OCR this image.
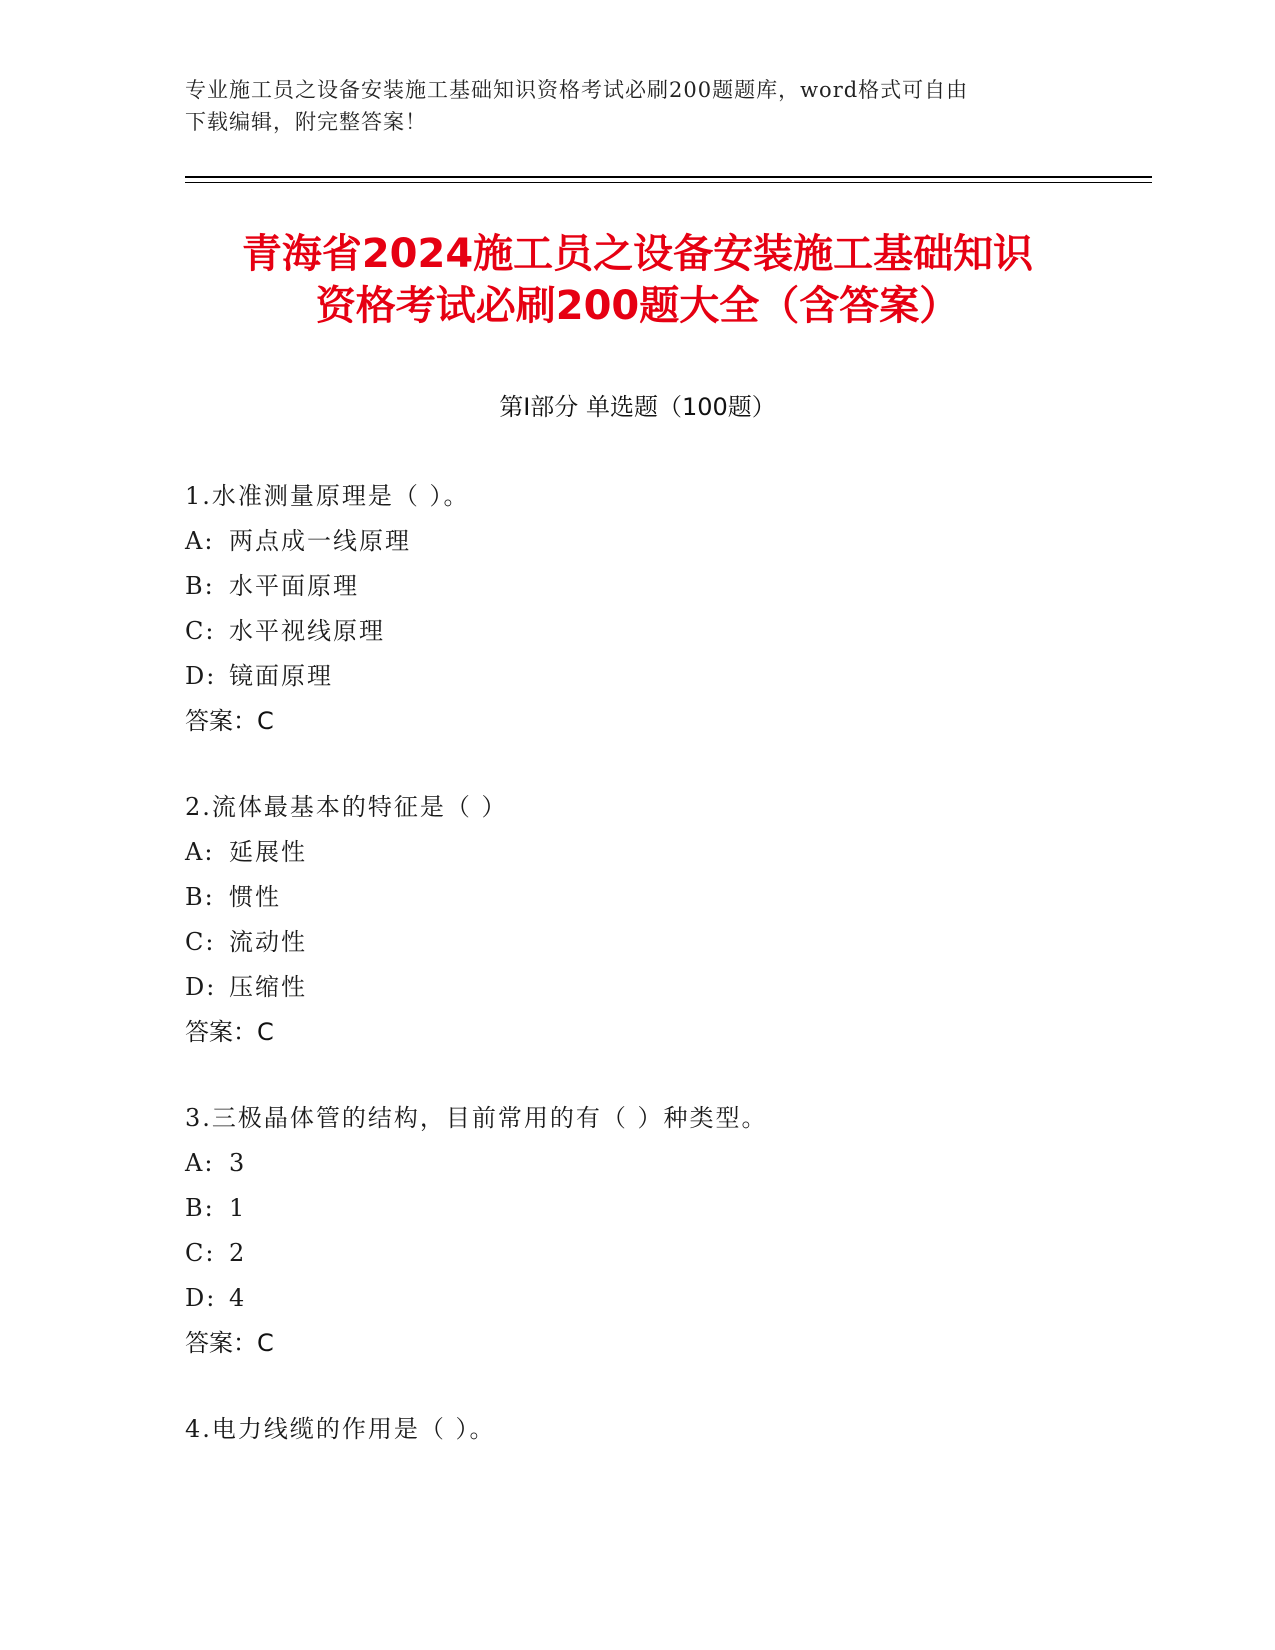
专业施工员之设备安装施工基础知识资格考试必刷200题题库，word格式可自由
下载编辑，附完整答案！
青海省2024施工员之设备安装施工基础知识
资格考试必刷200题大全（含答案）
第Ⅰ部分 单选题（100题）
1.水准测量原理是（ ）。
A: 两点成一线原理
B: 水平面原理
C: 水平视线原理
D: 镜面原理
答案：C
2.流体最基本的特征是（ ）
A: 延展性
B: 惯性
C: 流动性
D: 压缩性
答案：C
3.三极晶体管的结构，目前常用的有（ ）种类型。
A: 3
B: 1
C: 2
D: 4
答案：C
4.电力线缆的作用是（ ）。
